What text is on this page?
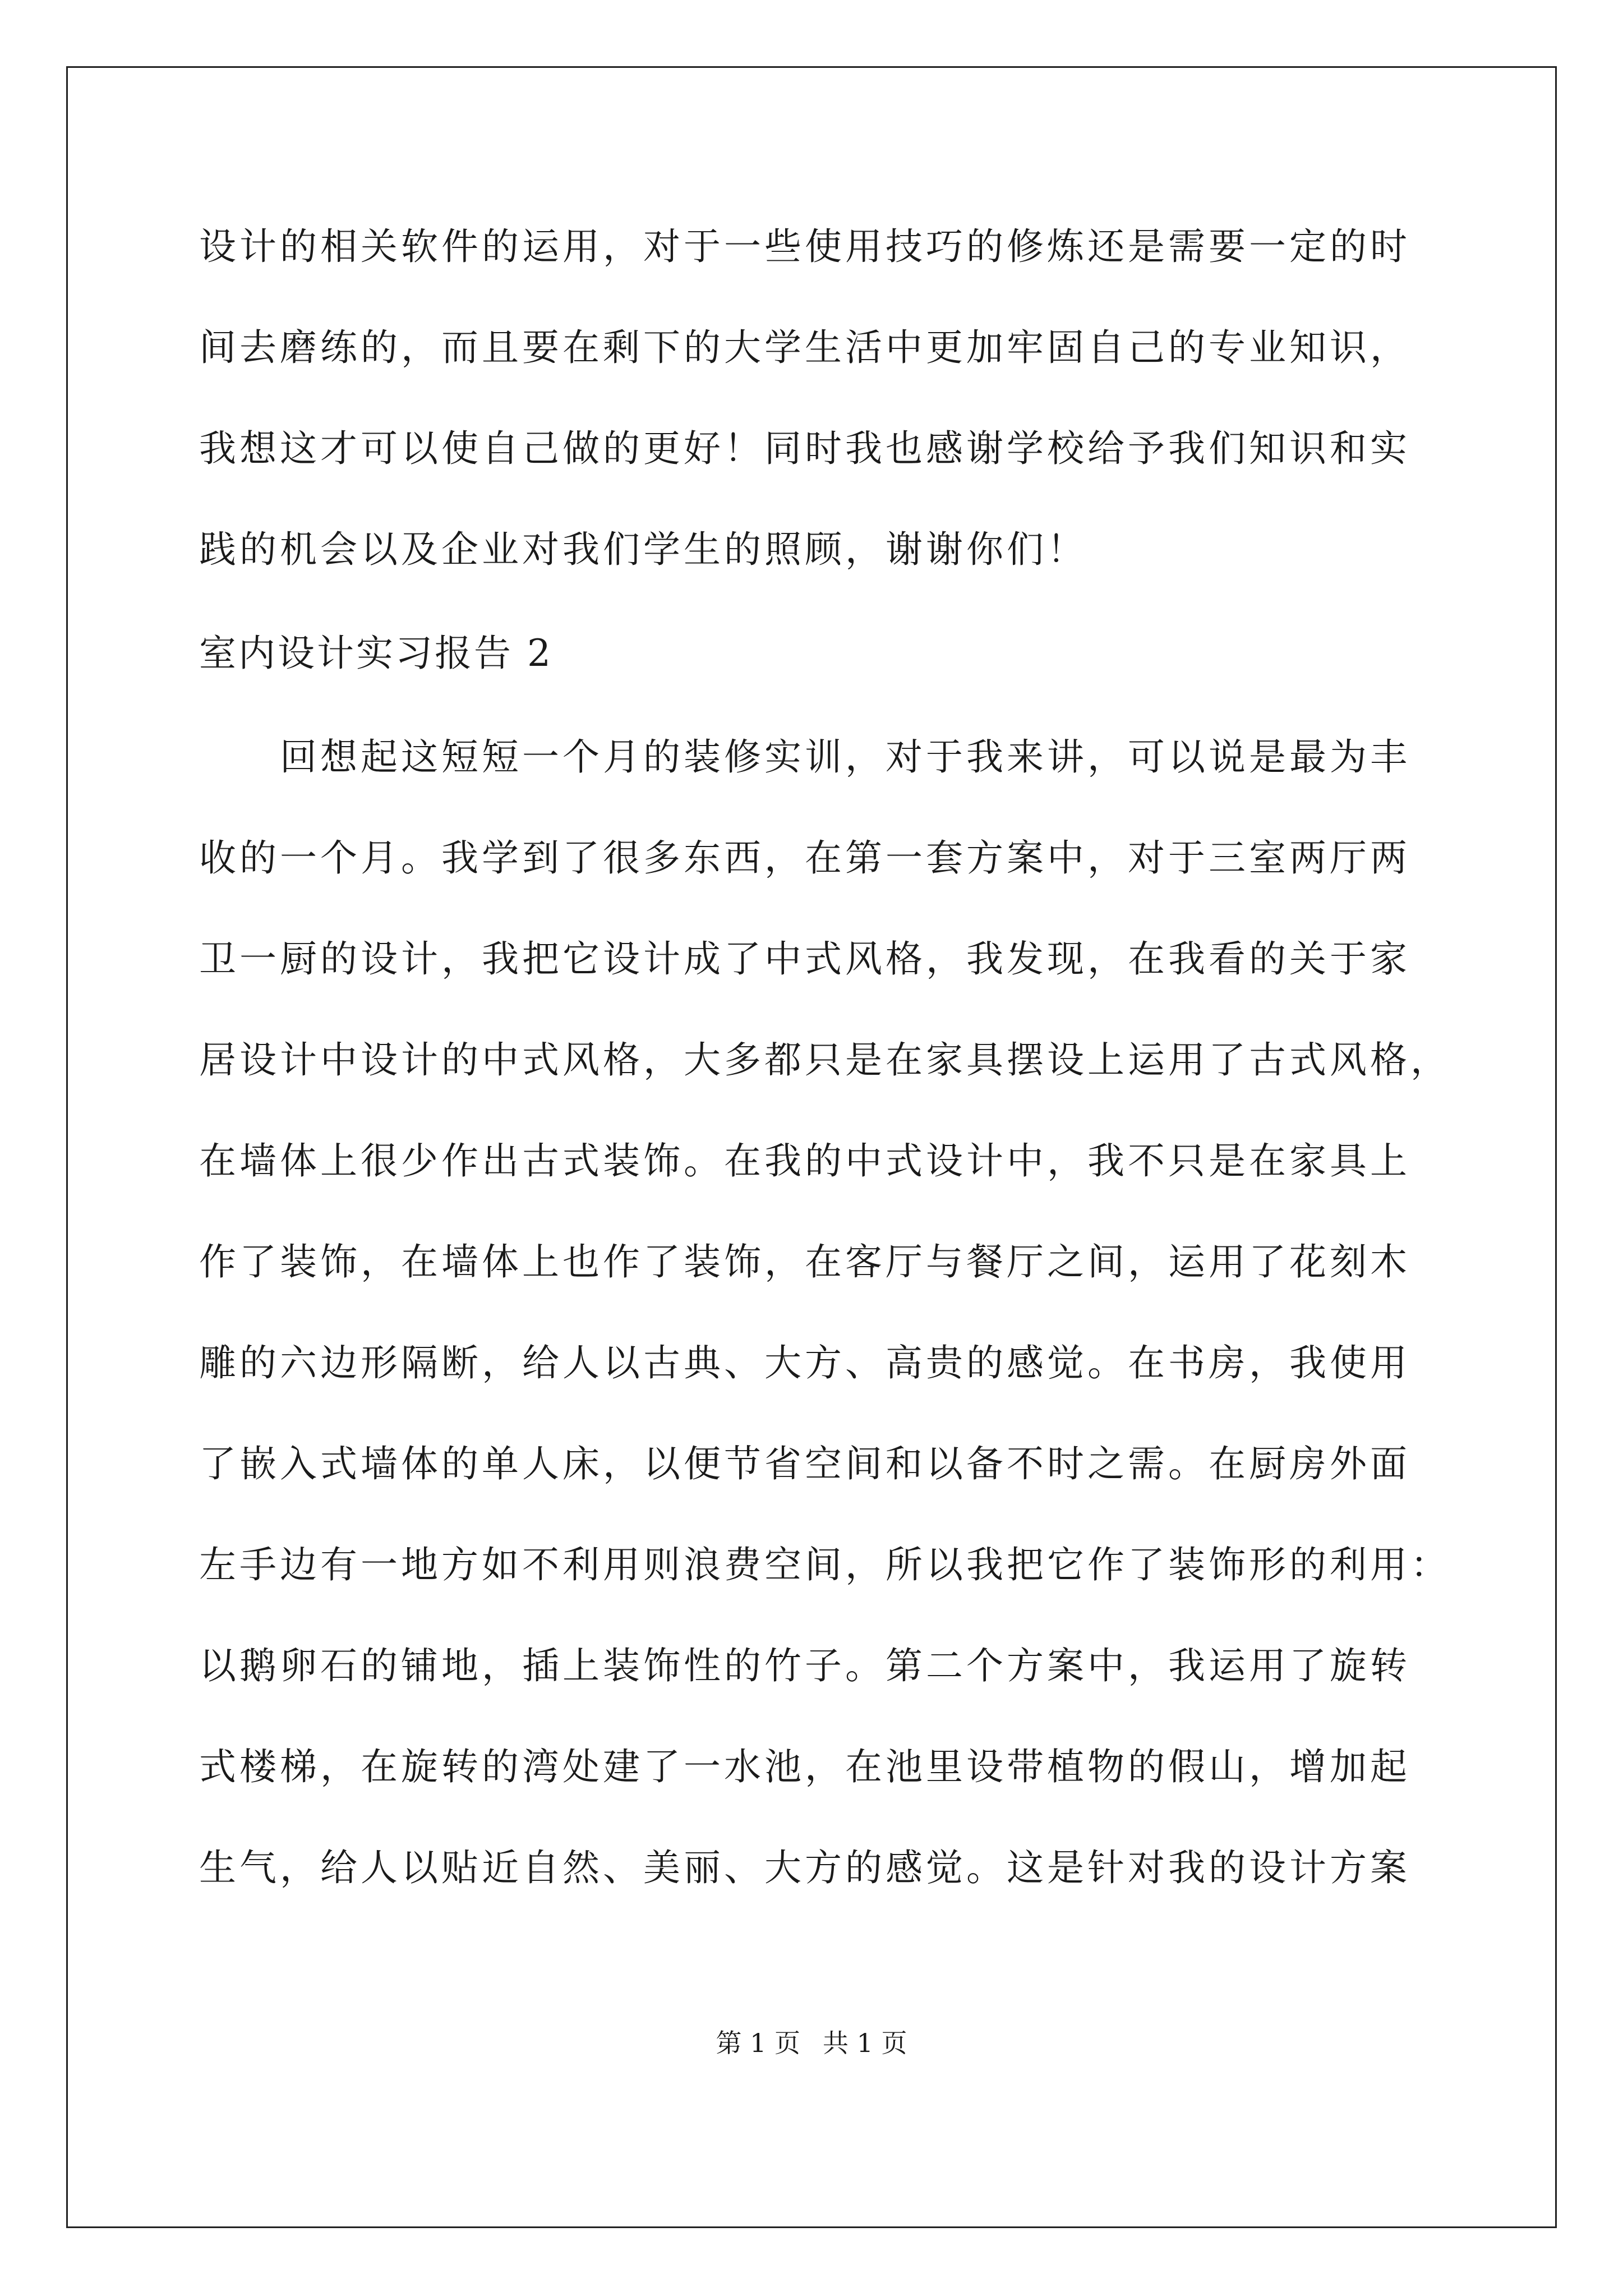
设计的相关软件的运用，对于一些使用技巧的修炼还是需要一定的时
间去磨练的，而且要在剩下的大学生活中更加牢固自己的专业知识，
我想这才可以使自己做的更好！同时我也感谢学校给予我们知识和实
践的机会以及企业对我们学生的照顾，谢谢你们！
室内设计实习报告 2
　　回想起这短短一个月的装修实训，对于我来讲，可以说是最为丰
收的一个月。我学到了很多东西，在第一套方案中，对于三室两厅两
卫一厨的设计，我把它设计成了中式风格，我发现，在我看的关于家
居设计中设计的中式风格，大多都只是在家具摆设上运用了古式风格，
在墙体上很少作出古式装饰。在我的中式设计中，我不只是在家具上
作了装饰，在墙体上也作了装饰，在客厅与餐厅之间，运用了花刻木
雕的六边形隔断，给人以古典、大方、高贵的感觉。在书房，我使用
了嵌入式墙体的单人床，以便节省空间和以备不时之需。在厨房外面
左手边有一地方如不利用则浪费空间，所以我把它作了装饰形的利用：
以鹅卵石的铺地，插上装饰性的竹子。第二个方案中，我运用了旋转
式楼梯，在旋转的湾处建了一水池，在池里设带植物的假山，增加起
生气，给人以贴近自然、美丽、大方的感觉。这是针对我的设计方案
第 1 页 共 1 页
